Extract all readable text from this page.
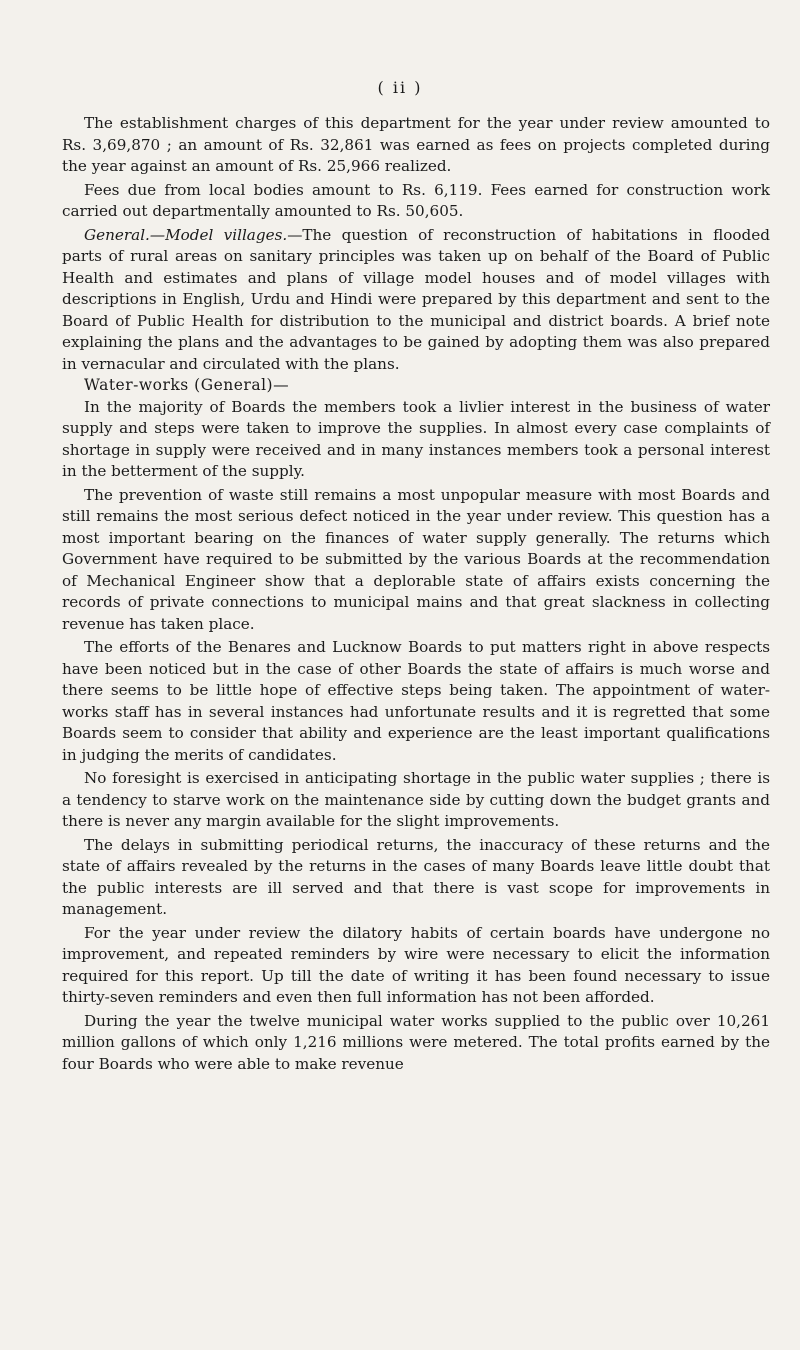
( ii )

The establishment charges of this department for the year under review amounted to Rs. 3,69,870 ; an amount of Rs. 32,861 was earned as fees on projects completed during the year against an amount of Rs. 25,966 realized.

Fees due from local bodies amount to Rs. 6,119. Fees earned for construction work carried out departmentally amounted to Rs. 50,605.

General.—Model villages.—The question of reconstruction of habitations in flooded parts of rural areas on sanitary principles was taken up on behalf of the Board of Public Health and estimates and plans of village model houses and of model villages with descriptions in English, Urdu and Hindi were prepared by this department and sent to the Board of Public Health for distribution to the municipal and district boards. A brief note explaining the plans and the advantages to be gained by adopting them was also prepared in vernacular and circulated with the plans.

Water-works (General)—

In the majority of Boards the members took a livlier interest in the business of water supply and steps were taken to improve the supplies. In almost every case complaints of shortage in supply were received and in many instances members took a personal interest in the betterment of the supply.

The prevention of waste still remains a most unpopular measure with most Boards and still remains the most serious defect noticed in the year under review. This question has a most important bearing on the finances of water supply generally. The returns which Government have required to be submitted by the various Boards at the recommendation of Mechanical Engineer show that a deplorable state of affairs exists concerning the records of private connections to municipal mains and that great slackness in collecting revenue has taken place.

The efforts of the Benares and Lucknow Boards to put matters right in above respects have been noticed but in the case of other Boards the state of affairs is much worse and there seems to be little hope of effective steps being taken. The appointment of water-works staff has in several instances had unfortunate results and it is regretted that some Boards seem to consider that ability and experience are the least important qualifications in judging the merits of candidates.

No foresight is exercised in anticipating shortage in the public water supplies ; there is a tendency to starve work on the maintenance side by cutting down the budget grants and there is never any margin available for the slight improvements.

The delays in submitting periodical returns, the inaccuracy of these returns and the state of affairs revealed by the returns in the cases of many Boards leave little doubt that the public interests are ill served and that there is vast scope for improvements in management.

For the year under review the dilatory habits of certain boards have undergone no improvement, and repeated reminders by wire were necessary to elicit the information required for this report. Up till the date of writing it has been found necessary to issue thirty-seven reminders and even then full information has not been afforded.

During the year the twelve municipal water works supplied to the public over 10,261 million gallons of which only 1,216 millions were metered. The total profits earned by the four Boards who were able to make revenue
